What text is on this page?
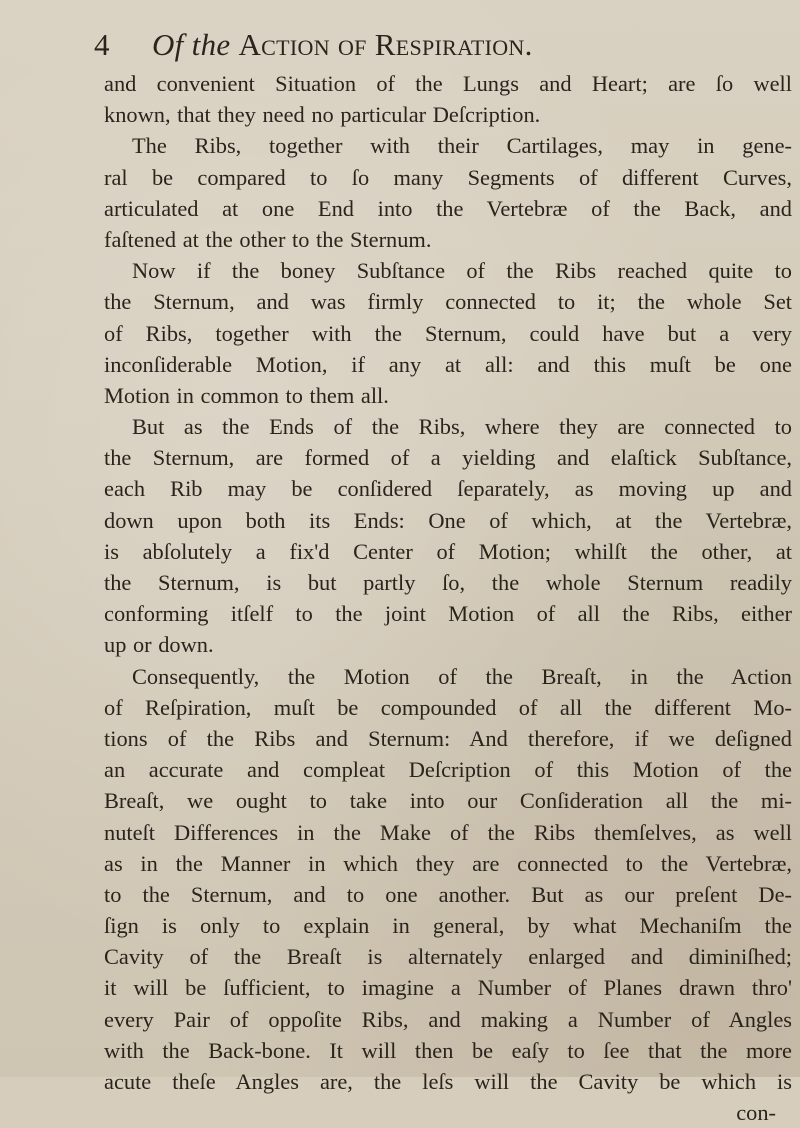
4 Of the Action of Respiration.
and convenient Situation of the Lungs and Heart; are ſo well
known, that they need no particular Deſcription.
The Ribs, together with their Cartilages, may in gene-
ral be compared to ſo many Segments of different Curves,
articulated at one End into the Vertebræ of the Back, and
faſtened at the other to the Sternum.
Now if the boney Subſtance of the Ribs reached quite to
the Sternum, and was firmly connected to it; the whole Set
of Ribs, together with the Sternum, could have but a very
inconſiderable Motion, if any at all: and this muſt be one
Motion in common to them all.
But as the Ends of the Ribs, where they are connected to
the Sternum, are formed of a yielding and elaſtick Subſtance,
each Rib may be conſidered ſeparately, as moving up and
down upon both its Ends: One of which, at the Vertebræ,
is abſolutely a fix'd Center of Motion; whilſt the other, at
the Sternum, is but partly ſo, the whole Sternum readily
conforming itſelf to the joint Motion of all the Ribs, either
up or down.
Consequently, the Motion of the Breaſt, in the Action
of Reſpiration, muſt be compounded of all the different Mo-
tions of the Ribs and Sternum: And therefore, if we deſigned
an accurate and compleat Deſcription of this Motion of the
Breaſt, we ought to take into our Conſideration all the mi-
nuteſt Differences in the Make of the Ribs themſelves, as well
as in the Manner in which they are connected to the Vertebræ,
to the Sternum, and to one another. But as our preſent De-
ſign is only to explain in general, by what Mechaniſm the
Cavity of the Breaſt is alternately enlarged and diminiſhed;
it will be ſufficient, to imagine a Number of Planes drawn thro'
every Pair of oppoſite Ribs, and making a Number of Angles
with the Back-bone. It will then be eaſy to ſee that the more
acute theſe Angles are, the leſs will the Cavity be which is
con-
